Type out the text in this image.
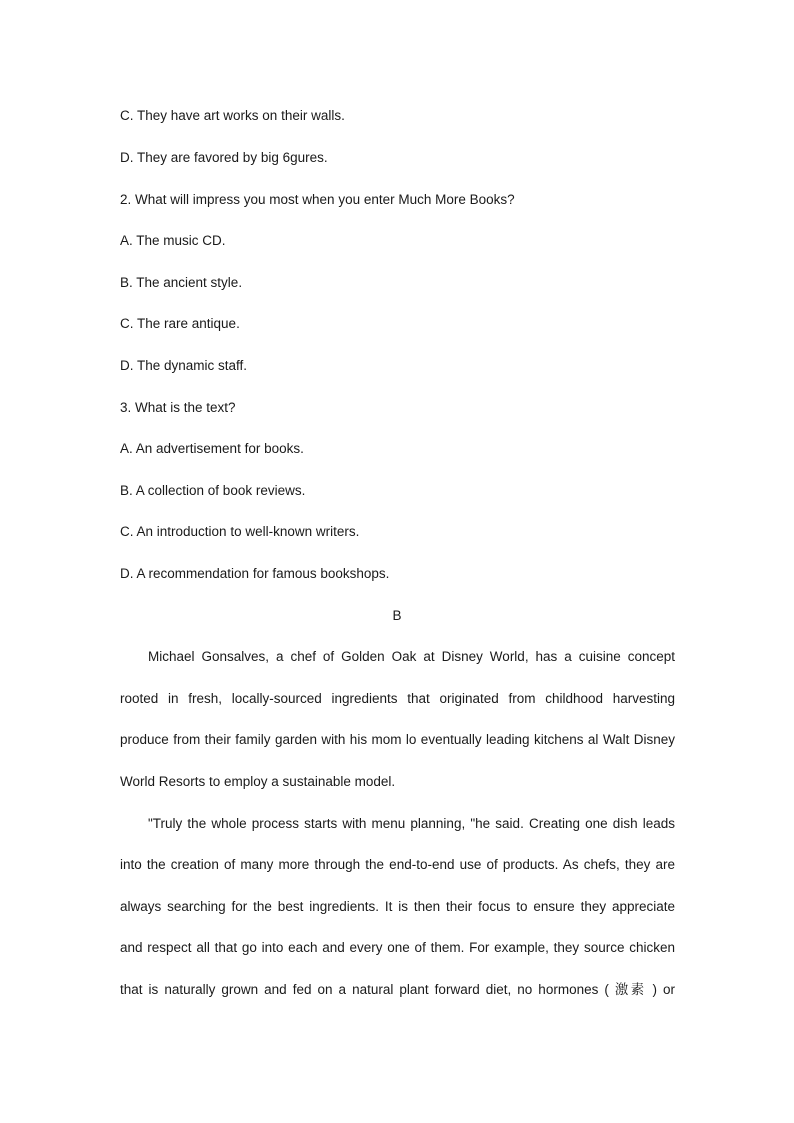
C. They have art works on their walls.
D. They are favored by big 6gures.
2. What will impress you most when you enter Much More Books?
A. The music CD.
B. The ancient style.
C. The rare antique.
D. The dynamic staff.
3. What is the text?
A. An advertisement for books.
B. A collection of book reviews.
C. An introduction to well-known writers.
D. A recommendation for famous bookshops.
B
Michael Gonsalves, a chef of Golden Oak at Disney World, has a cuisine concept
rooted in fresh, locally-sourced ingredients that originated from childhood harvesting
produce from their family garden with his mom lo eventually leading kitchens al Walt Disney
World Resorts to employ a sustainable model.
"Truly the whole process starts with menu planning, "he said. Creating one dish leads
into the creation of many more through the end-to-end use of products. As chefs, they are
always searching for the best ingredients. It is then their focus to ensure they appreciate
and respect all that go into each and every one of them. For example, they source chicken
that is naturally grown and fed on a natural plant forward diet, no hormones ( 激素 ) or
